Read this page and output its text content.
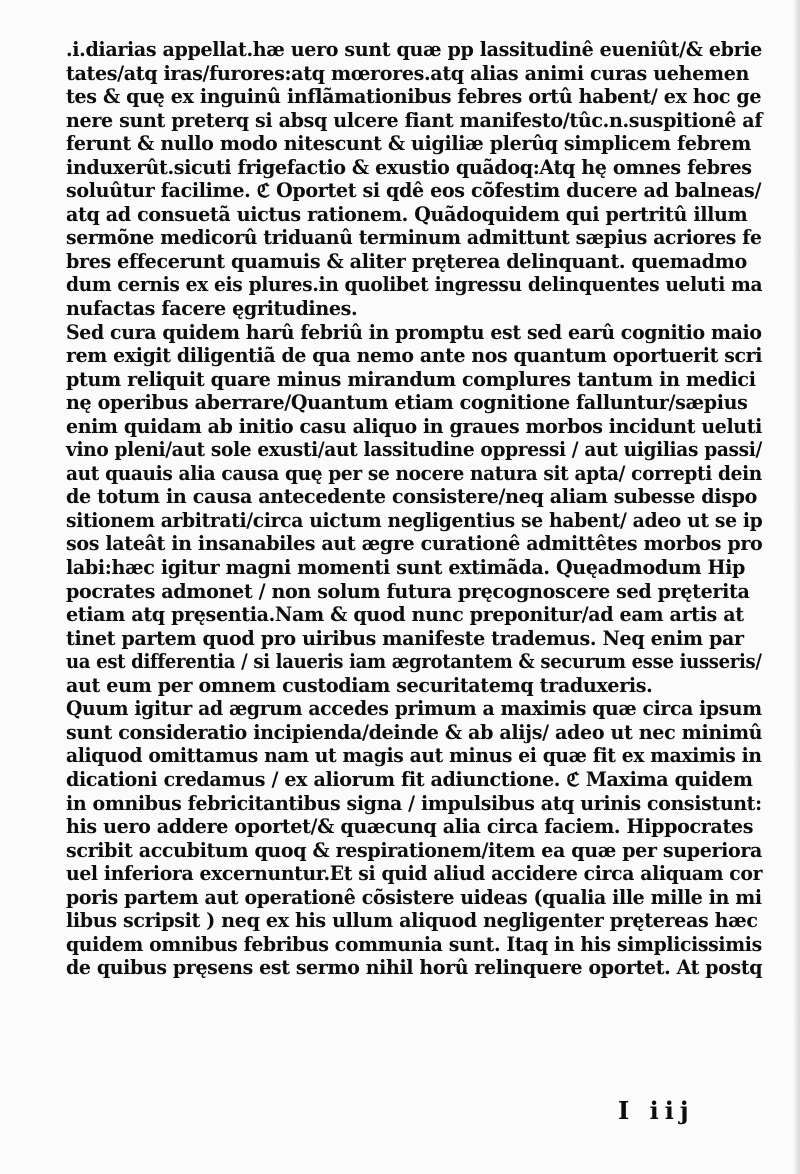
.i.diarias appellat.hæ uero sunt quæ pp lassitudinê eueniût/& ebrie
tates/atq iras/furores:atq mœrores.atq alias animi curas uehemen
tes & quę ex inguinû inflãmationibus febres ortû habent/ ex hoc ge
nere sunt preterq si absq ulcere fiant manifesto/tûc.n.suspitionê af
ferunt & nullo modo nitescunt & uigiliæ plerûq simplicem febrem
induxerût.sicuti frigefactio & exustio quãdoq:Atq hę omnes febres
soluûtur facilime. ℭ Oportet si qdê eos cõfestim ducere ad balneas/
atq ad consuetã uictus rationem. Quãdoquidem qui pertritû illum
sermõne medicorû triduanû terminum admittunt sæpius acriores fe
bres effecerunt quamuis & aliter pręterea delinquant. quemadmo
dum cernis ex eis plures.in quolibet ingressu delinquentes ueluti ma
nufactas facere ęgritudines.
Sed cura quidem harû febriû in promptu est sed earû cognitio maio
rem exigit diligentiã de qua nemo ante nos quantum oportuerit scri
ptum reliquit quare minus mirandum complures tantum in medici
nę operibus aberrare/Quantum etiam cognitione falluntur/sæpius
enim quidam ab initio casu aliquo in graues morbos incidunt ueluti
vino pleni/aut sole exusti/aut lassitudine oppressi / aut uigilias passi/
aut quauis alia causa quę per se nocere natura sit apta/ correpti dein
de totum in causa antecedente consistere/neq aliam subesse dispo
sitionem arbitrati/circa uictum negligentius se habent/ adeo ut se ip
sos lateât in insanabiles aut ægre curationê admittêtes morbos pro
labi:hæc igitur magni momenti sunt extimãda. Quęadmodum Hip
pocrates admonet / non solum futura pręcognoscere sed pręterita
etiam atq pręsentia.Nam & quod nunc preponitur/ad eam artis at
tinet partem quod pro uiribus manifeste trademus. Neq enim par
ua est differentia / si laueris iam ægrotantem & securum esse iusseris/
aut eum per omnem custodiam securitatemq traduxeris.
Quum igitur ad ægrum accedes primum a maximis quæ circa ipsum
sunt consideratio incipienda/deinde & ab alijs/ adeo ut nec minimû
aliquod omittamus nam ut magis aut minus ei quæ fit ex maximis in
dicationi credamus / ex aliorum fit adiunctione. ℭ Maxima quidem
in omnibus febricitantibus signa / impulsibus atq urinis consistunt:
his uero addere oportet/& quæcunq alia circa faciem. Hippocrates
scribit accubitum quoq & respirationem/item ea quæ per superiora
uel inferiora excernuntur.Et si quid aliud accidere circa aliquam cor
poris partem aut operationê cõsistere uideas (qualia ille mille in mi
libus scripsit ) neq ex his ullum aliquod negligenter prętereas hæc
quidem omnibus febribus communia sunt. Itaq in his simplicissimis
de quibus pręsens est sermo nihil horû relinquere oportet. At postq
I iij
